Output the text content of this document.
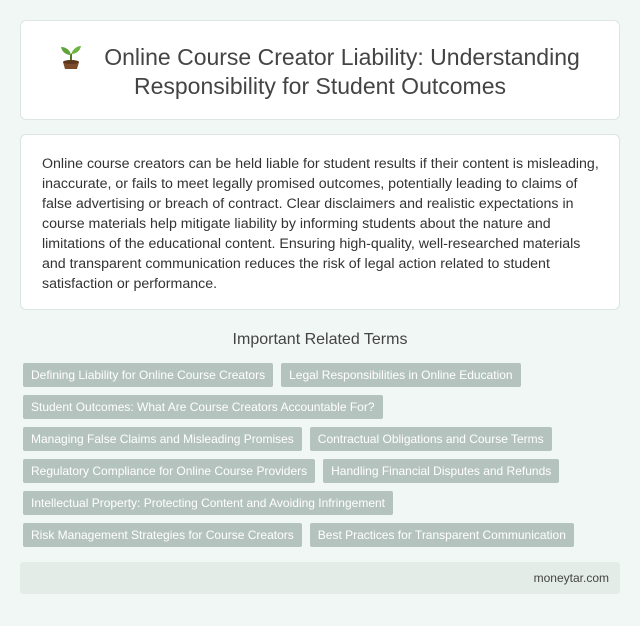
Online Course Creator Liability: Understanding
Responsibility for Student Outcomes

Online course creators can be held liable for student results if their content is misleading, inaccurate, or fails to meet legally promised outcomes, potentially leading to claims of false advertising or breach of contract. Clear disclaimers and realistic expectations in course materials help mitigate liability by informing students about the nature and limitations of the educational content. Ensuring high-quality, well-researched materials and transparent communication reduces the risk of legal action related to student satisfaction or performance.

Important Related Terms
Defining Liability for Online Course Creators	Legal Responsibilities in Online Education
Student Outcomes: What Are Course Creators Accountable For?
Managing False Claims and Misleading Promises	Contractual Obligations and Course Terms
Regulatory Compliance for Online Course Providers	Handling Financial Disputes and Refunds
Intellectual Property: Protecting Content and Avoiding Infringement
Risk Management Strategies for Course Creators	Best Practices for Transparent Communication
moneytar.com
